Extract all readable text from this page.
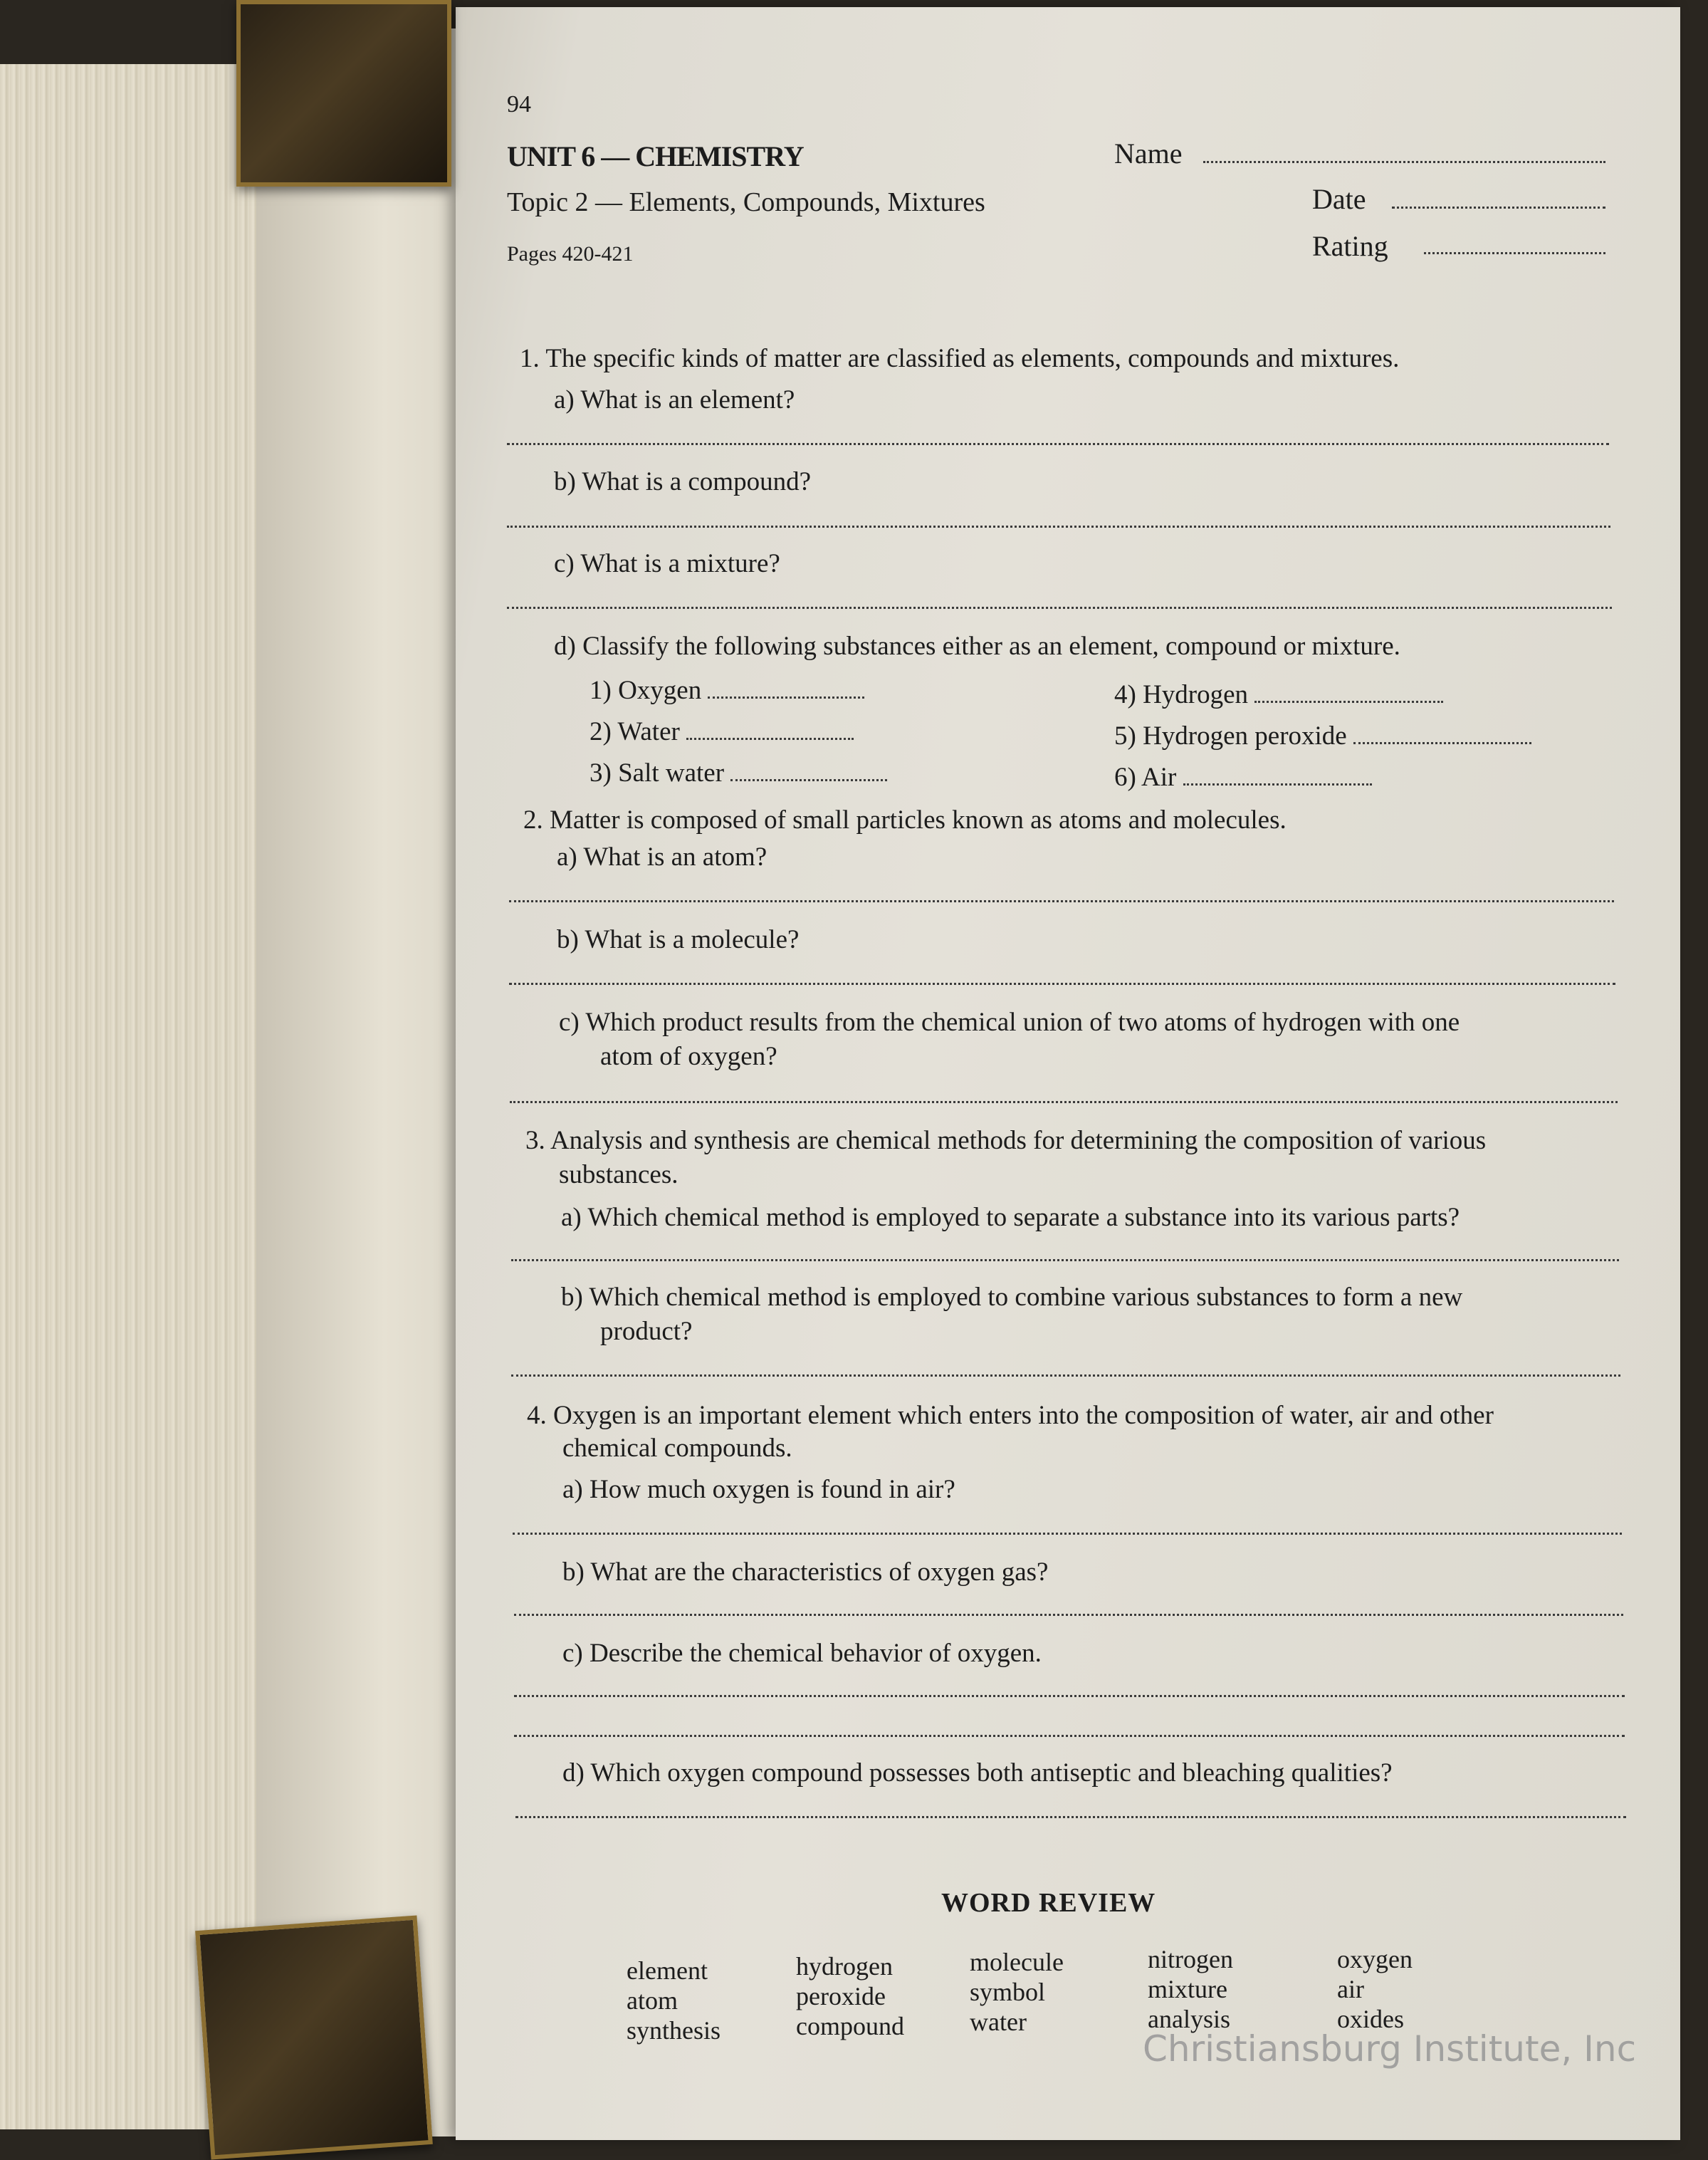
94
UNIT 6 — CHEMISTRY
Topic 2 — Elements, Compounds, Mixtures
Pages 420-421
Name
Date
Rating
1. The specific kinds of matter are classified as elements, compounds and mixtures.
a) What is an element?
b) What is a compound?
c) What is a mixture?
d) Classify the following substances either as an element, compound or mixture.
1) Oxygen
2) Water
3) Salt water
4) Hydrogen
5) Hydrogen peroxide
6) Air
2. Matter is composed of small particles known as atoms and molecules.
a) What is an atom?
b) What is a molecule?
c) Which product results from the chemical union of two atoms of hydrogen with one
atom of oxygen?
3. Analysis and synthesis are chemical methods for determining the composition of various
substances.
a) Which chemical method is employed to separate a substance into its various parts?
b) Which chemical method is employed to combine various substances to form a new
product?
4. Oxygen is an important element which enters into the composition of water, air and other
chemical compounds.
a) How much oxygen is found in air?
b) What are the characteristics of oxygen gas?
c) Describe the chemical behavior of oxygen.
d) Which oxygen compound possesses both antiseptic and bleaching qualities?
WORD REVIEW
element
atom
synthesis
hydrogen
peroxide
compound
molecule
symbol
water
nitrogen
mixture
analysis
oxygen
air
oxides
Christiansburg Institute, Inc
